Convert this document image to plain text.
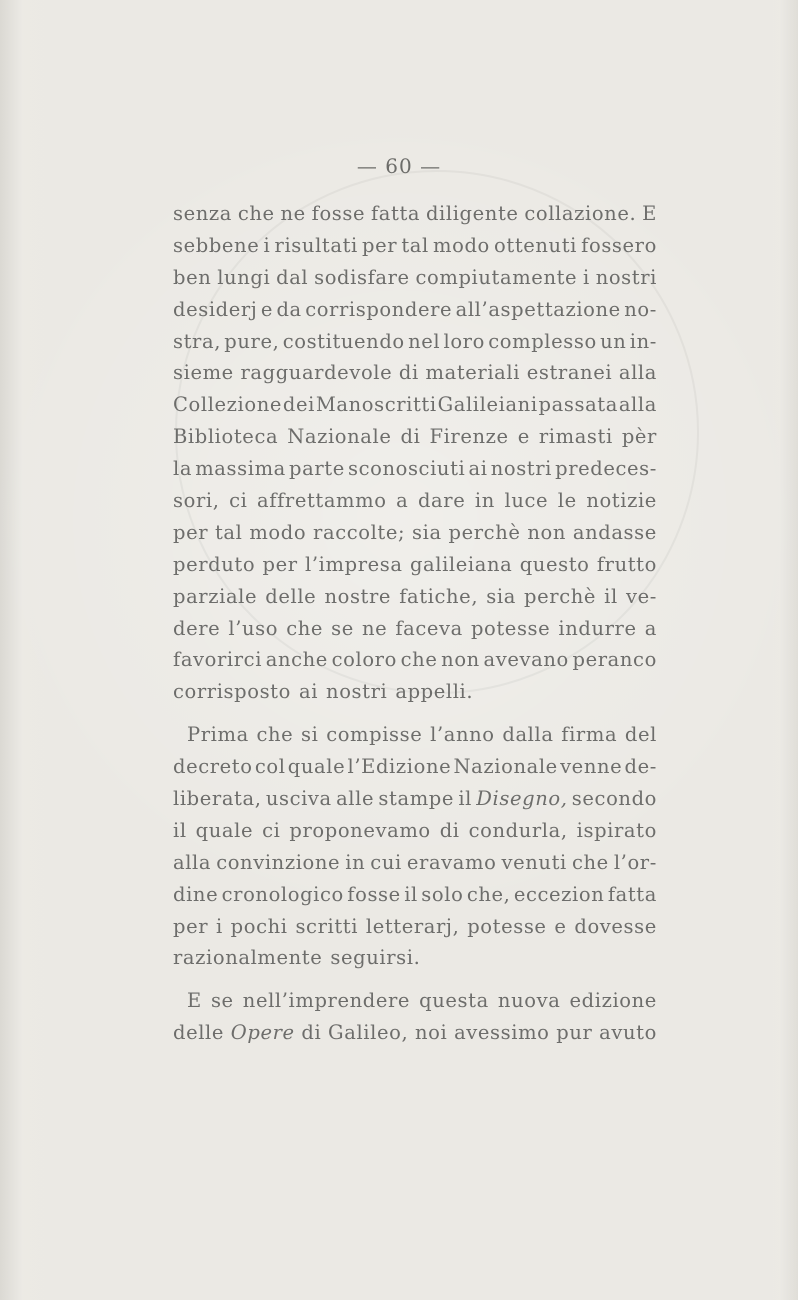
— 60 —
senza che ne fosse fatta diligente collazione. E
sebbene i risultati per tal modo ottenuti fossero
ben lungi dal sodisfare compiutamente i nostri
desiderj e da corrispondere all’aspettazione no-
stra, pure, costituendo nel loro complesso un in-
sieme ragguardevole di materiali estranei alla
Collezione dei Manoscritti Galileiani passata alla
Biblioteca Nazionale di Firenze e rimasti pèr
la massima parte sconosciuti ai nostri predeces-
sori, ci affrettammo a dare in luce le notizie
per tal modo raccolte; sia perchè non andasse
perduto per l’impresa galileiana questo frutto
parziale delle nostre fatiche, sia perchè il ve-
dere l’uso che se ne faceva potesse indurre a
favorirci anche coloro che non avevano peranco
corrisposto ai nostri appelli.
Prima che si compisse l’anno dalla firma del
decreto col quale l’Edizione Nazionale venne de-
liberata, usciva alle stampe il Disegno, secondo
il quale ci proponevamo di condurla, ispirato
alla convinzione in cui eravamo venuti che l’or-
dine cronologico fosse il solo che, eccezion fatta
per i pochi scritti letterarj, potesse e dovesse
razionalmente seguirsi.
E se nell’imprendere questa nuova edizione
delle Opere di Galileo, noi avessimo pur avuto
